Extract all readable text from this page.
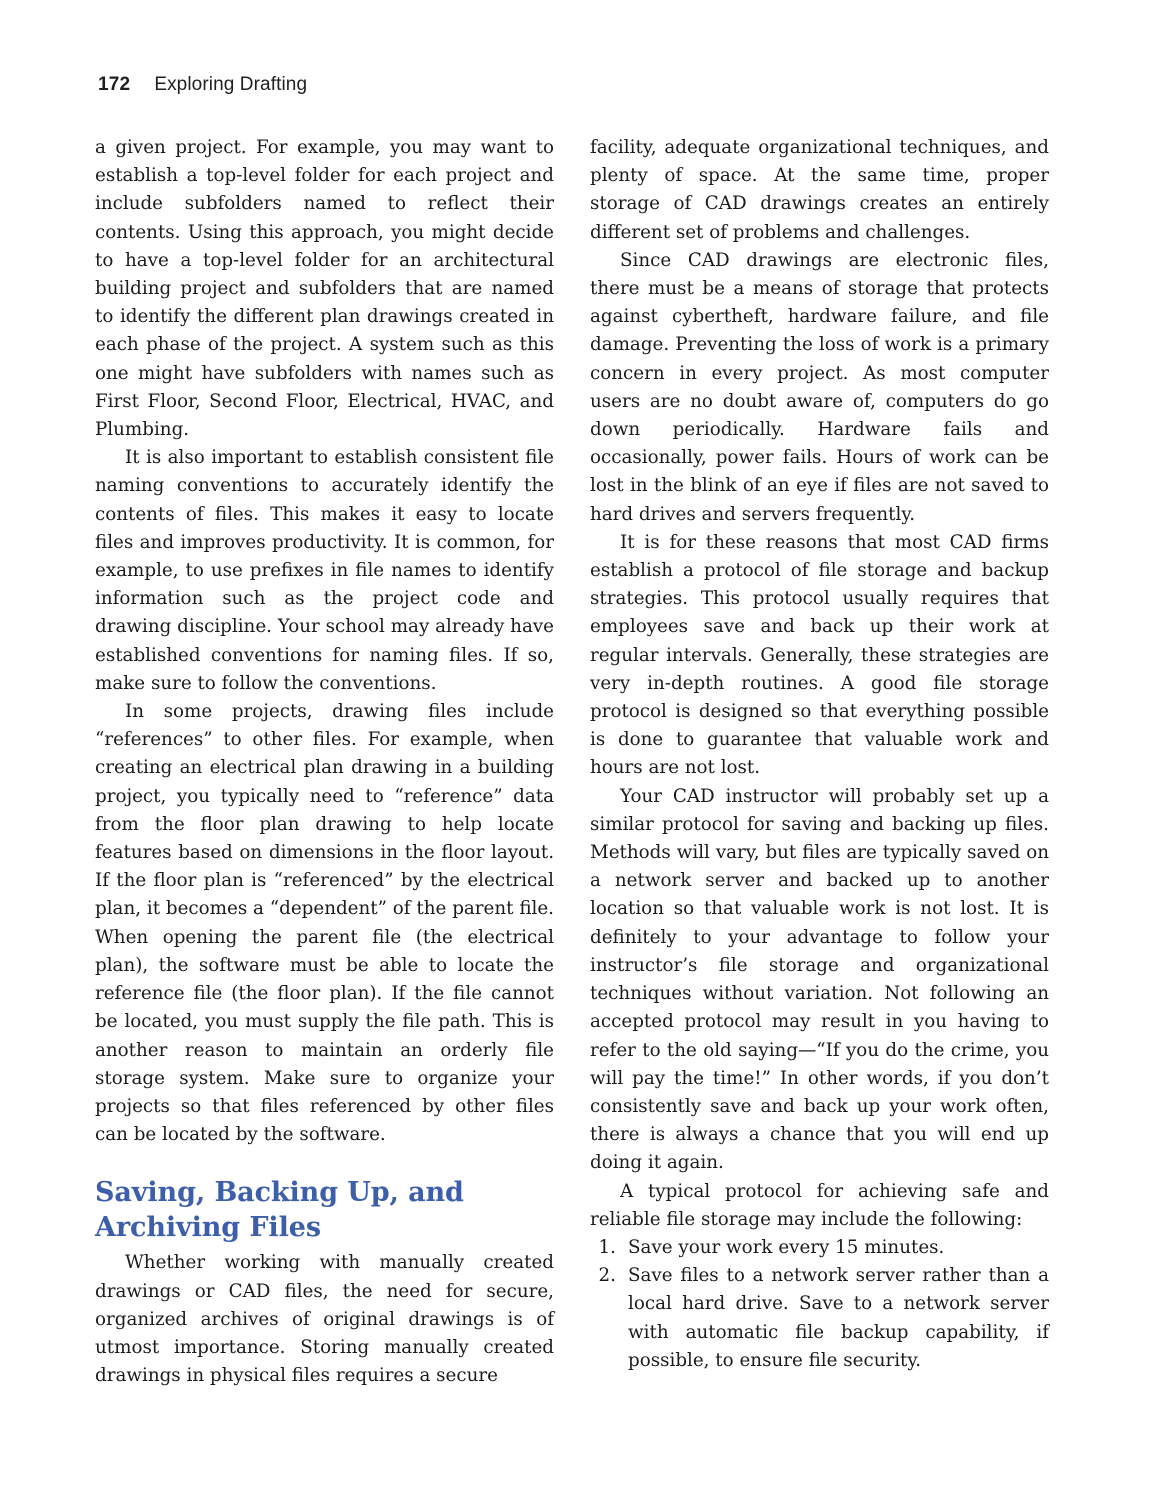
172 Exploring Drafting

a given project. For example, you may want to establish a top-level folder for each project and include subfolders named to reflect their contents. Using this approach, you might decide to have a top-level folder for an architectural building project and subfolders that are named to identify the different plan drawings created in each phase of the project. A system such as this one might have subfolders with names such as First Floor, Second Floor, Electrical, HVAC, and Plumbing.

It is also important to establish consistent file naming conventions to accurately identify the contents of files. This makes it easy to locate files and improves productivity. It is common, for example, to use prefixes in file names to identify information such as the project code and drawing discipline. Your school may already have established conventions for naming files. If so, make sure to follow the conventions.

In some projects, drawing files include “references” to other files. For example, when creating an electrical plan drawing in a building project, you typically need to “reference” data from the floor plan drawing to help locate features based on dimensions in the floor layout. If the floor plan is “referenced” by the electrical plan, it becomes a “dependent” of the parent file. When opening the parent file (the electrical plan), the software must be able to locate the reference file (the floor plan). If the file cannot be located, you must supply the file path. This is another reason to maintain an orderly file storage system. Make sure to organize your projects so that files referenced by other files can be located by the software.

Saving, Backing Up, and Archiving Files

Whether working with manually created drawings or CAD files, the need for secure, organized archives of original drawings is of utmost importance. Storing manually created drawings in physical files requires a secure

facility, adequate organizational techniques, and plenty of space. At the same time, proper storage of CAD drawings creates an entirely different set of problems and challenges.

Since CAD drawings are electronic files, there must be a means of storage that protects against cybertheft, hardware failure, and file damage. Preventing the loss of work is a primary concern in every project. As most computer users are no doubt aware of, computers do go down periodically. Hardware fails and occasionally, power fails. Hours of work can be lost in the blink of an eye if files are not saved to hard drives and servers frequently.

It is for these reasons that most CAD firms establish a protocol of file storage and backup strategies. This protocol usually requires that employees save and back up their work at regular intervals. Generally, these strategies are very in-depth routines. A good file storage protocol is designed so that everything possible is done to guarantee that valuable work and hours are not lost.

Your CAD instructor will probably set up a similar protocol for saving and backing up files. Methods will vary, but files are typically saved on a network server and backed up to another location so that valuable work is not lost. It is definitely to your advantage to follow your instructor’s file storage and organizational techniques without variation. Not following an accepted protocol may result in you having to refer to the old saying—“If you do the crime, you will pay the time!” In other words, if you don’t consistently save and back up your work often, there is always a chance that you will end up doing it again.

A typical protocol for achieving safe and reliable file storage may include the following:

1. Save your work every 15 minutes.
2. Save files to a network server rather than a local hard drive. Save to a network server with automatic file backup capability, if possible, to ensure file security.
